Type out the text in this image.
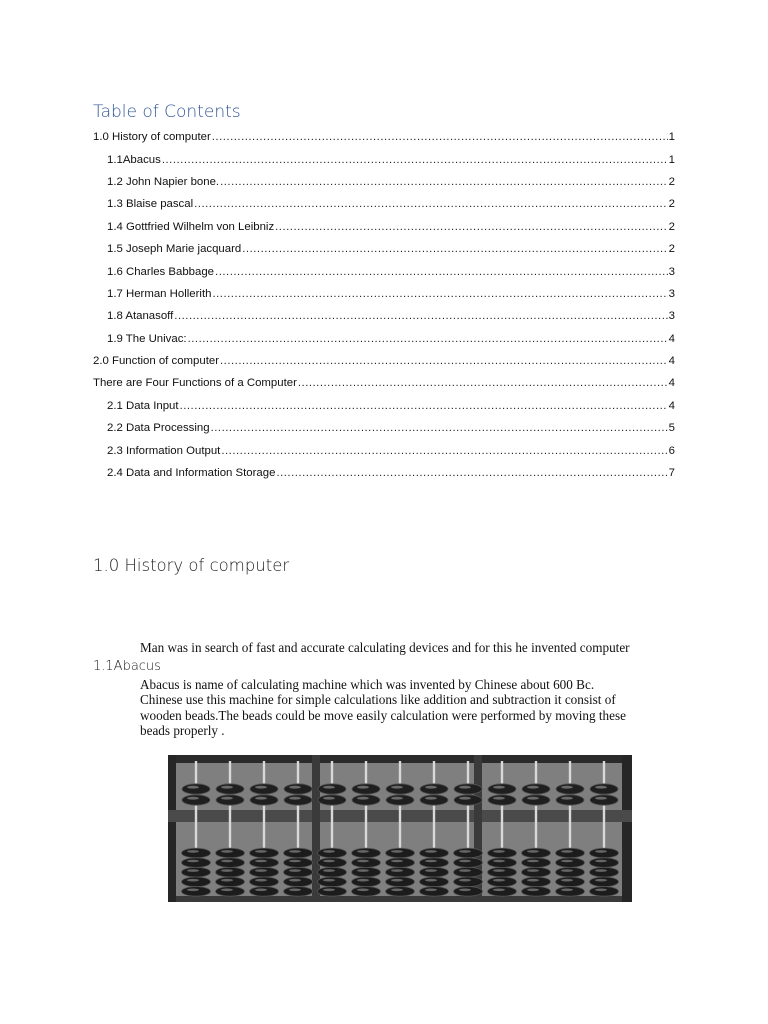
Table of Contents
1.0 History of computer .....	1
1.1Abacus .....	1
1.2 John Napier bone. .....	2
1.3 Blaise pascal .....	2
1.4 Gottfried Wilhelm von Leibniz .....	2
1.5 Joseph Marie jacquard .....	2
1.6 Charles Babbage .....	3
1.7 Herman Hollerith .....	3
1.8 Atanasoff .....	3
1.9 The Univac: .....	4
2.0 Function of computer .....	4
There are Four Functions of a Computer .....	4
2.1 Data Input .....	4
2.2 Data Processing .....	5
2.3 Information Output .....	6
2.4 Data and Information Storage .....	7
1.0 History of computer

Man was in search of fast and accurate calculating devices and for this he invented computer

1.1Abacus
Abacus is name of calculating machine which was invented by Chinese about 600 Bc.
Chinese use this machine for simple calculations like addition and subtraction it consist of
wooden beads.The beads could be move easily calculation were performed by moving these
beads properly .
